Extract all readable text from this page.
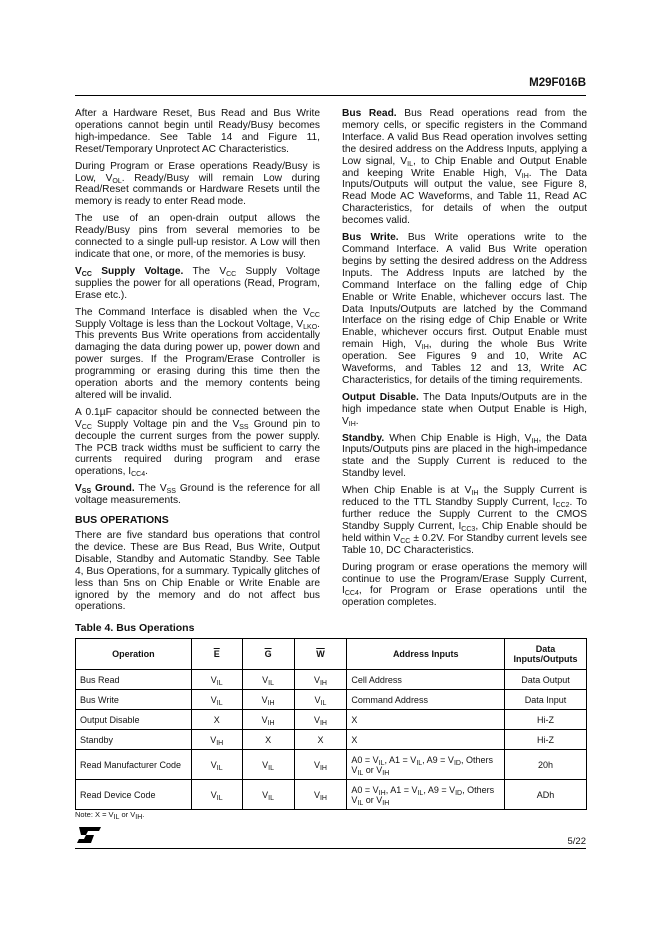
M29F016B

After a Hardware Reset, Bus Read and Bus Write operations cannot begin until Ready/Busy becomes high-impedance. See Table 14 and Figure 11, Reset/Temporary Unprotect AC Characteristics.

During Program or Erase operations Ready/Busy is Low, $V_{OL}$. Ready/Busy will remain Low during Read/Reset commands or Hardware Resets until the memory is ready to enter Read mode.

The use of an open-drain output allows the Ready/Busy pins from several memories to be connected to a single pull-up resistor. A Low will then indicate that one, or more, of the memories is busy.

$V_{CC}$ Supply Voltage. The $V_{CC}$ Supply Voltage supplies the power for all operations (Read, Program, Erase etc.).

The Command Interface is disabled when the $V_{CC}$ Supply Voltage is less than the Lockout Voltage, $V_{LKO}$. This prevents Bus Write operations from accidentally damaging the data during power up, power down and power surges. If the Program/Erase Controller is programming or erasing during this time then the operation aborts and the memory contents being altered will be invalid.

A 0.1µF capacitor should be connected between the $V_{CC}$ Supply Voltage pin and the $V_{SS}$ Ground pin to decouple the current surges from the power supply. The PCB track widths must be sufficient to carry the currents required during program and erase operations, $I_{CC4}$.

$V_{SS}$ Ground. The $V_{SS}$ Ground is the reference for all voltage measurements.

BUS OPERATIONS

There are five standard bus operations that control the device. These are Bus Read, Bus Write, Output Disable, Standby and Automatic Standby. See Table 4, Bus Operations, for a summary. Typically glitches of less than 5ns on Chip Enable or Write Enable are ignored by the memory and do not affect bus operations.

Bus Read. Bus Read operations read from the memory cells, or specific registers in the Command Interface. A valid Bus Read operation involves setting the desired address on the Address Inputs, applying a Low signal, $V_{IL}$, to Chip Enable and Output Enable and keeping Write Enable High, $V_{IH}$. The Data Inputs/Outputs will output the value, see Figure 8, Read Mode AC Waveforms, and Table 11, Read AC Characteristics, for details of when the output becomes valid.

Bus Write. Bus Write operations write to the Command Interface. A valid Bus Write operation begins by setting the desired address on the Address Inputs. The Address Inputs are latched by the Command Interface on the falling edge of Chip Enable or Write Enable, whichever occurs last. The Data Inputs/Outputs are latched by the Command Interface on the rising edge of Chip Enable or Write Enable, whichever occurs first. Output Enable must remain High, $V_{IH}$, during the whole Bus Write operation. See Figures 9 and 10, Write AC Waveforms, and Tables 12 and 13, Write AC Characteristics, for details of the timing requirements.

Output Disable. The Data Inputs/Outputs are in the high impedance state when Output Enable is High, $V_{IH}$.

Standby. When Chip Enable is High, $V_{IH}$, the Data Inputs/Outputs pins are placed in the high-impedance state and the Supply Current is reduced to the Standby level.

When Chip Enable is at $V_{IH}$ the Supply Current is reduced to the TTL Standby Supply Current, $I_{CC2}$. To further reduce the Supply Current to the CMOS Standby Supply Current, $I_{CC3}$, Chip Enable should be held within $V_{CC} \pm 0.2V$. For Standby current levels see Table 10, DC Characteristics.

During program or erase operations the memory will continue to use the Program/Erase Supply Current, $I_{CC4}$, for Program or Erase operations until the operation completes.

Table 4. Bus Operations
Operation	$\overline{E}$	$\overline{G}$	$\overline{W}$	Address Inputs	Data Inputs/Outputs
Bus Read	$V_{IL}$	$V_{IL}$	$V_{IH}$	Cell Address	Data Output
Bus Write	$V_{IL}$	$V_{IH}$	$V_{IL}$	Command Address	Data Input
Output Disable	X	$V_{IH}$	$V_{IH}$	X	Hi-Z
Standby	$V_{IH}$	X	X	X	Hi-Z
Read Manufacturer Code	$V_{IL}$	$V_{IL}$	$V_{IH}$	$A0 = V_{IL}$, $A1 = V_{IL}$, $A9 = V_{ID}$, Others $V_{IL}$ or $V_{IH}$	20h
Read Device Code	$V_{IL}$	$V_{IL}$	$V_{IH}$	$A0 = V_{IH}$, $A1 = V_{IL}$, $A9 = V_{ID}$, Others $V_{IL}$ or $V_{IH}$	ADh
Note: $X = V_{IL}$ or $V_{IH}$.
5/22
